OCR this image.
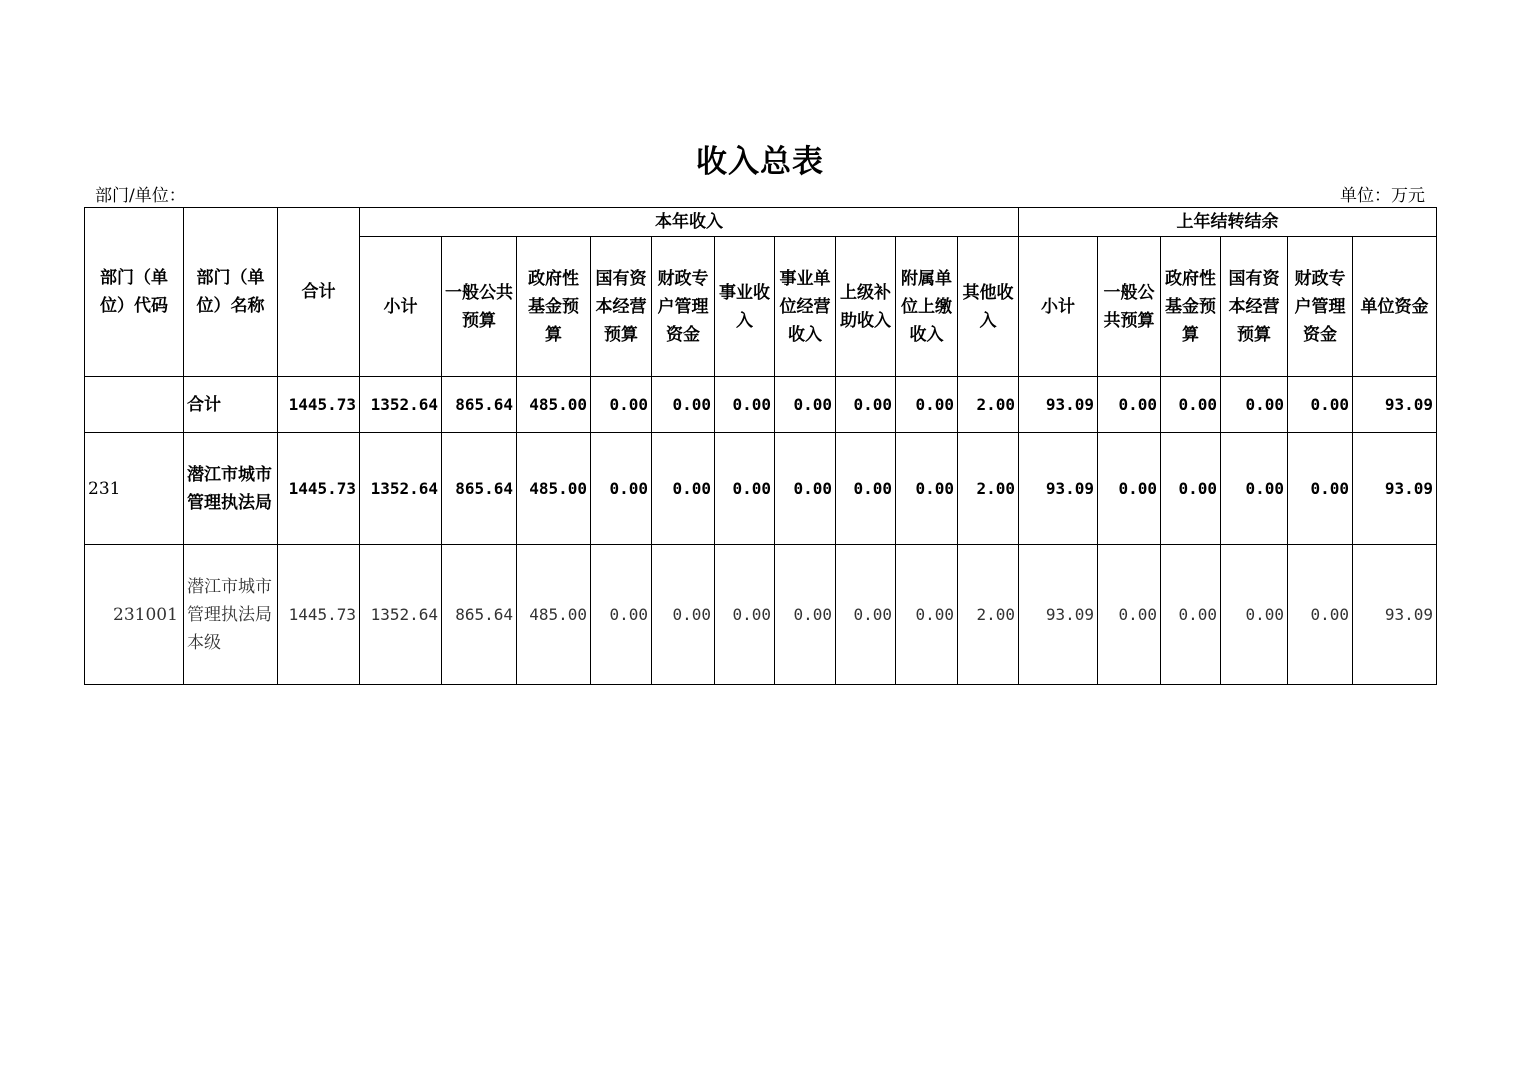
收入总表
部门/单位：	单位：万元
部门（单位）代码	部门（单位）名称	合计	本年收入										上年结转结余					
			小计	一般公共预算	政府性基金预算	国有资本经营预算	财政专户管理资金	事业收入	事业单位经营收入	上级补助收入	附属单位上缴收入	其他收入	小计	一般公共预算	政府性基金预算	国有资本经营预算	财政专户管理资金	单位资金
	合计	1445.73	1352.64	865.64	485.00	0.00	0.00	0.00	0.00	0.00	0.00	2.00	93.09	0.00	0.00	0.00	0.00	93.09
231	潜江市城市管理执法局	1445.73	1352.64	865.64	485.00	0.00	0.00	0.00	0.00	0.00	0.00	2.00	93.09	0.00	0.00	0.00	0.00	93.09
231001	潜江市城市管理执法局本级	1445.73	1352.64	865.64	485.00	0.00	0.00	0.00	0.00	0.00	0.00	2.00	93.09	0.00	0.00	0.00	0.00	93.09
